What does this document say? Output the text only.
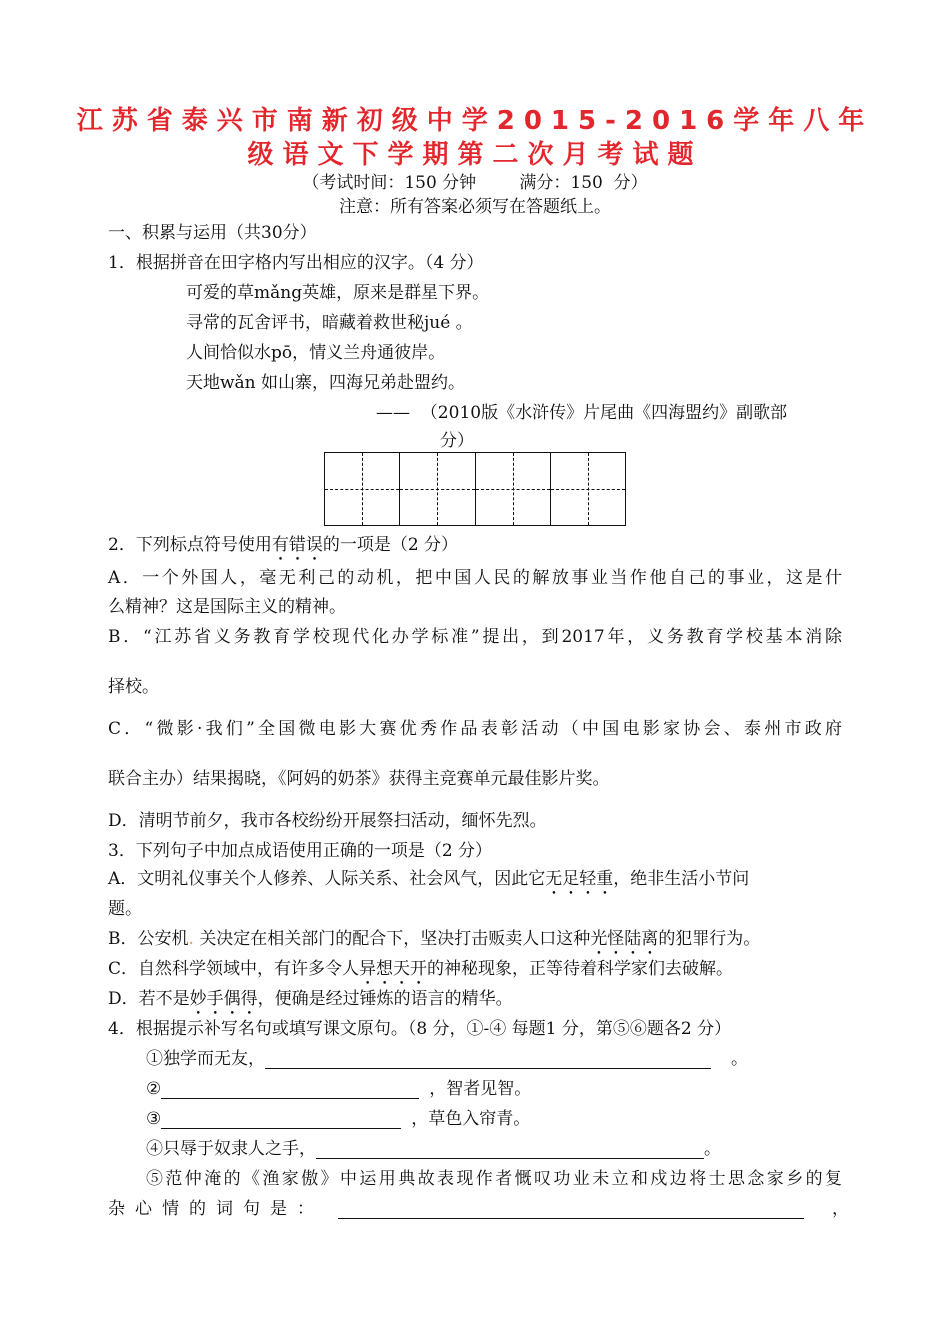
江苏省泰兴市南新初级中学2015-2016学年八年
级语文下学期第二次月考试题
（考试时间：150 分钟        满分：150  分）
注意：所有答案必须写在答题纸上。
一、积累与运用（共30分）
1．根据拼音在田字格内写出相应的汉字。（4 分）
可爱的草mǎng英雄，原来是群星下界。
寻常的瓦舍评书，暗藏着救世秘jué 。
人间恰似水pō，情义兰舟通彼岸。
天地wǎn 如山寨，四海兄弟赴盟约。
——  （2010版《水浒传》片尾曲《四海盟约》副歌部
分）
2．下列标点符号使用有错误的一项是（2 分）
A．一个外国人，毫无利己的动机，把中国人民的解放事业当作他自己的事业，这是什
么精神？这是国际主义的精神。
B．“江苏省义务教育学校现代化办学标准”提出，到2017年，义务教育学校基本消除
择校。
C．“微影·我们”全国微电影大赛优秀作品表彰活动（中国电影家协会、泰州市政府
联合主办）结果揭晓，《阿妈的奶茶》获得主竞赛单元最佳影片奖。
D．清明节前夕，我市各校纷纷开展祭扫活动，缅怀先烈。
3．下列句子中加点成语使用正确的一项是（2 分）
A．文明礼仪事关个人修养、人际关系、社会风气，因此它无足轻重，绝非生活小节问
题。
B．公安机. 关决定在相关部门的配合下，坚决打击贩卖人口这种光怪陆离的犯罪行为。
C．自然科学领域中，有许多令人异想天开的神秘现象，正等待着科学家们去破解。
D．若不是妙手偶得，便确是经过锤炼的语言的精华。
4．根据提示补写名句或填写课文原句。（8 分，①-④ 每题1 分，第⑤⑥题各2 分）
①独学而无友，	。
②	，智者见智。
③	，草色入帘青。
④只辱于奴隶人之手，	。
⑤范仲淹的《渔家傲》中运用典故表现作者慨叹功业未立和戍边将士思念家乡的复
杂心情的词句是：	，
